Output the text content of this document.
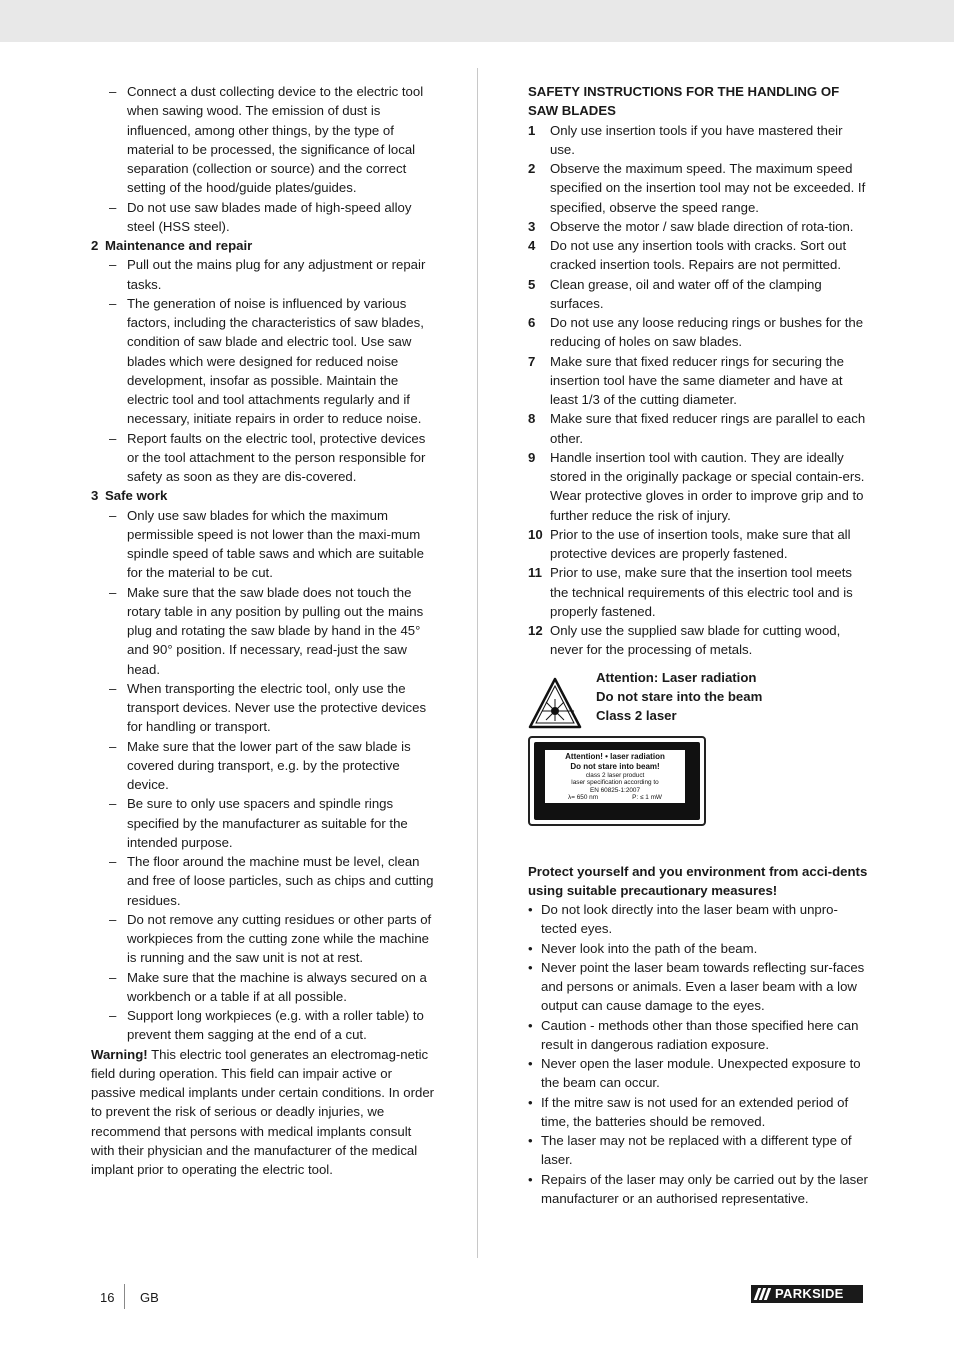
– Connect a dust collecting device to the electric tool when sawing wood. The emission of dust is influenced, among other things, by the type of material to be processed, the significance of local separation (collection or source) and the correct setting of the hood/guide plates/guides.
– Do not use saw blades made of high-speed alloy steel (HSS steel).
2 Maintenance and repair
– Pull out the mains plug for any adjustment or repair tasks.
– The generation of noise is influenced by various factors, including the characteristics of saw blades, condition of saw blade and electric tool. Use saw blades which were designed for reduced noise development, insofar as possible. Maintain the electric tool and tool attachments regularly and if necessary, initiate repairs in order to reduce noise.
– Report faults on the electric tool, protective devices or the tool attachment to the person responsible for safety as soon as they are dis-covered.
3 Safe work
– Only use saw blades for which the maximum permissible speed is not lower than the maxi-mum spindle speed of table saws and which are suitable for the material to be cut.
– Make sure that the saw blade does not touch the rotary table in any position by pulling out the mains plug and rotating the saw blade by hand in the 45° and 90° position. If necessary, read-just the saw head.
– When transporting the electric tool, only use the transport devices. Never use the protective devices for handling or transport.
– Make sure that the lower part of the saw blade is covered during transport, e.g. by the protective device.
– Be sure to only use spacers and spindle rings specified by the manufacturer as suitable for the intended purpose.
– The floor around the machine must be level, clean and free of loose particles, such as chips and cutting residues.
– Do not remove any cutting residues or other parts of workpieces from the cutting zone while the machine is running and the saw unit is not at rest.
– Make sure that the machine is always secured on a workbench or a table if at all possible.
– Support long workpieces (e.g. with a roller table) to prevent them sagging at the end of a cut.
Warning! This electric tool generates an electromag-netic field during operation. This field can impair active or passive medical implants under certain conditions. In order to prevent the risk of serious or deadly injuries, we recommend that persons with medical implants consult with their physician and the manufacturer of the medical implant prior to operating the electric tool.
SAFETY INSTRUCTIONS FOR THE HANDLING OF SAW BLADES
1 Only use insertion tools if you have mastered their use.
2 Observe the maximum speed. The maximum speed specified on the insertion tool may not be exceeded. If specified, observe the speed range.
3 Observe the motor / saw blade direction of rota-tion.
4 Do not use any insertion tools with cracks. Sort out cracked insertion tools. Repairs are not permitted.
5 Clean grease, oil and water off of the clamping surfaces.
6 Do not use any loose reducing rings or bushes for the reducing of holes on saw blades.
7 Make sure that fixed reducer rings for securing the insertion tool have the same diameter and have at least 1/3 of the cutting diameter.
8 Make sure that fixed reducer rings are parallel to each other.
9 Handle insertion tool with caution. They are ideally stored in the originally package or special contain-ers. Wear protective gloves in order to improve grip and to further reduce the risk of injury.
10 Prior to the use of insertion tools, make sure that all protective devices are properly fastened.
11 Prior to use, make sure that the insertion tool meets the technical requirements of this electric tool and is properly fastened.
12 Only use the supplied saw blade for cutting wood, never for the processing of metals.
Attention: Laser radiation
Do not stare into the beam
Class 2 laser
Attention! • laser radiation
Do not stare into beam!
class 2 laser product
laser specification according to
EN 60825-1:2007
λ= 650 nm	P: ≤ 1 mW
Protect yourself and you environment from acci-dents using suitable precautionary measures!
• Do not look directly into the laser beam with unpro-tected eyes.
• Never look into the path of the beam.
• Never point the laser beam towards reflecting sur-faces and persons or animals. Even a laser beam with a low output can cause damage to the eyes.
• Caution - methods other than those specified here can result in dangerous radiation exposure.
• Never open the laser module. Unexpected exposure to the beam can occur.
• If the mitre saw is not used for an extended period of time, the batteries should be removed.
• The laser may not be replaced with a different type of laser.
• Repairs of the laser may only be carried out by the laser manufacturer or an authorised representative.
16 GB	PARKSIDE
